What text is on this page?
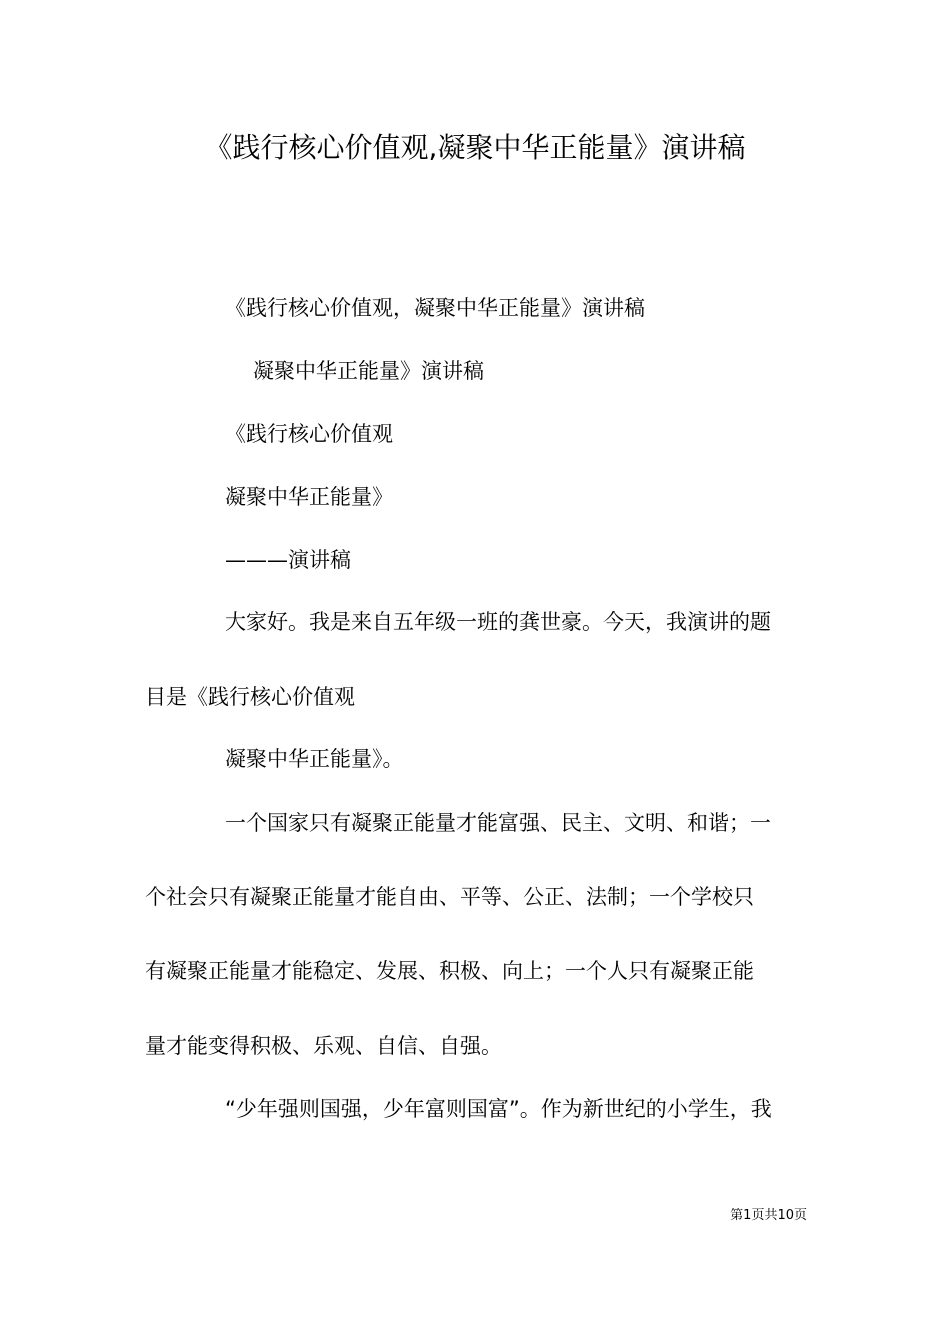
《践行核心价值观,凝聚中华正能量》演讲稿
《践行核心价值观，凝聚中华正能量》演讲稿
凝聚中华正能量》演讲稿
《践行核心价值观
凝聚中华正能量》
———演讲稿
大家好。我是来自五年级一班的龚世豪。今天，我演讲的题
目是《践行核心价值观
凝聚中华正能量》。
一个国家只有凝聚正能量才能富强、民主、文明、和谐；一
个社会只有凝聚正能量才能自由、平等、公正、法制；一个学校只
有凝聚正能量才能稳定、发展、积极、向上；一个人只有凝聚正能
量才能变得积极、乐观、自信、自强。
“少年强则国强，少年富则国富”。作为新世纪的小学生，我
第1页共10页
